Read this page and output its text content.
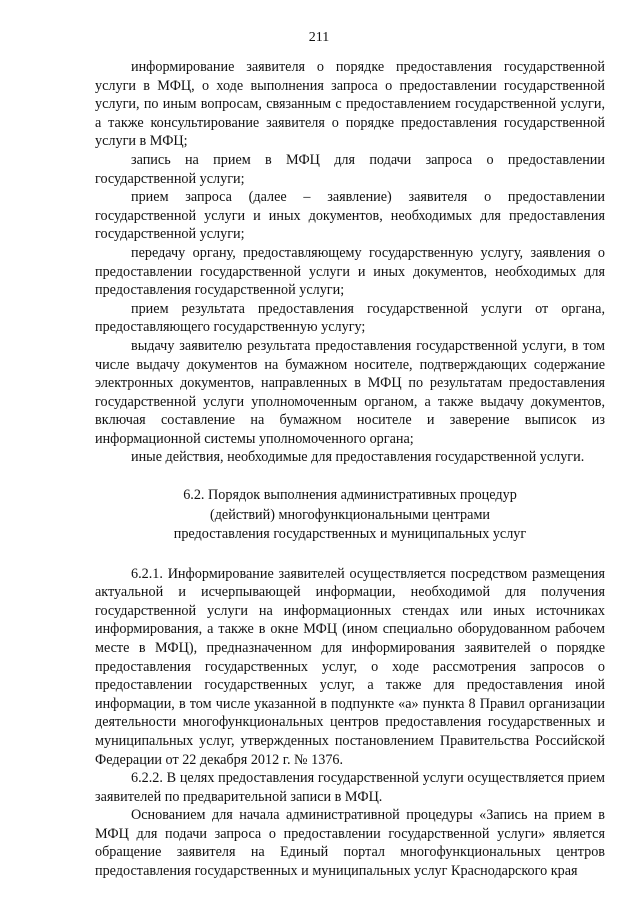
211

информирование заявителя о порядке предоставления государственной услуги в МФЦ, о ходе выполнения запроса о предоставлении государственной услуги, по иным вопросам, связанным с предоставлением государственной услуги, а также консультирование заявителя о порядке предоставления государственной услуги в МФЦ;

запись на прием в МФЦ для подачи запроса о предоставлении государственной услуги;

прием запроса (далее – заявление) заявителя о предоставлении государственной услуги и иных документов, необходимых для предоставления государственной услуги;

передачу органу, предоставляющему государственную услугу, заявления о предоставлении государственной услуги и иных документов, необходимых для предоставления государственной услуги;

прием результата предоставления государственной услуги от органа, предоставляющего государственную услугу;

выдачу заявителю результата предоставления государственной услуги, в том числе выдачу документов на бумажном носителе, подтверждающих содержание электронных документов, направленных в МФЦ по результатам предоставления государственной услуги уполномоченным органом, а также выдачу документов, включая составление на бумажном носителе и заверение выписок из информационной системы уполномоченного органа;

иные действия, необходимые для предоставления государственной услуги.

6.2. Порядок выполнения административных процедур
(действий) многофункциональными центрами
предоставления государственных и муниципальных услуг

6.2.1. Информирование заявителей осуществляется посредством размещения актуальной и исчерпывающей информации, необходимой для получения государственной услуги на информационных стендах или иных источниках информирования, а также в окне МФЦ (ином специально оборудованном рабочем месте в МФЦ), предназначенном для информирования заявителей о порядке предоставления государственных услуг, о ходе рассмотрения запросов о предоставлении государственных услуг, а также для предоставления иной информации, в том числе указанной в подпункте «а» пункта 8 Правил организации деятельности многофункциональных центров предоставления государственных и муниципальных услуг, утвержденных постановлением Правительства Российской Федерации от 22 декабря 2012 г. № 1376.

6.2.2. В целях предоставления государственной услуги осуществляется прием заявителей по предварительной записи в МФЦ.

Основанием для начала административной процедуры «Запись на прием в МФЦ для подачи запроса о предоставлении государственной услуги» является обращение заявителя на Единый портал многофункциональных центров предоставления государственных и муниципальных услуг Краснодарского края
